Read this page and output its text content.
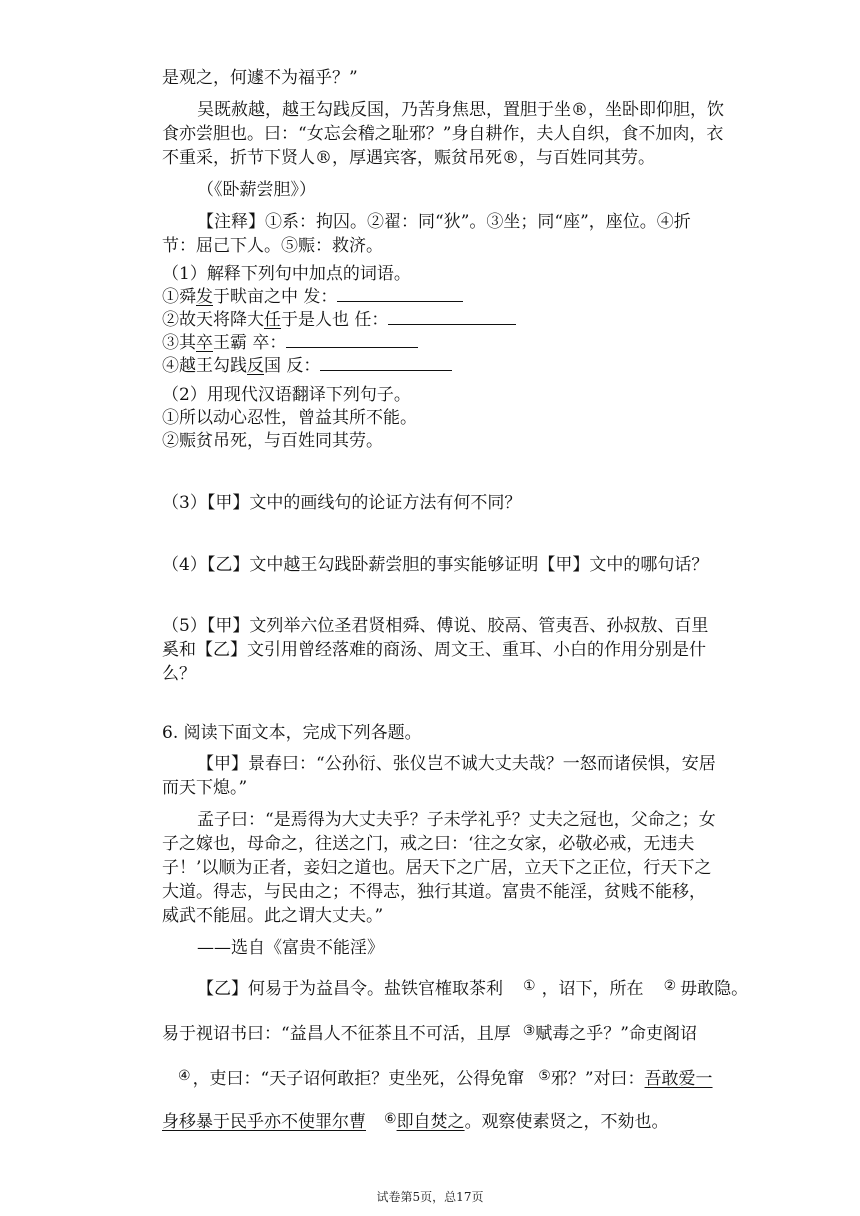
是观之，何遽不为福乎？”
吴既赦越，越王勾践反国，乃苦身焦思，置胆于坐®，坐卧即仰胆，饮
食亦尝胆也。曰：“女忘会稽之耻邪？”身自耕作，夫人自织，食不加肉，衣
不重采，折节下贤人®，厚遇宾客，赈贫吊死®，与百姓同其劳。
（《卧薪尝胆》）
【注释】①系：拘囚。②翟：同“狄”。③坐；同“座”，座位。④折
节：屈己下人。⑤赈：救济。
（1）解释下列句中加点的词语。
①舜发于畎亩之中 发：
②故天将降大任于是人也 任：
③其卒王霸 卒：
④越王勾践反国 反：
（2）用现代汉语翻译下列句子。
①所以动心忍性，曾益其所不能。
②赈贫吊死，与百姓同其劳。
（3）【甲】文中的画线句的论证方法有何不同？
（4）【乙】文中越王勾践卧薪尝胆的事实能够证明【甲】文中的哪句话？
（5）【甲】文列举六位圣君贤相舜、傅说、胶鬲、管夷吾、孙叔敖、百里
奚和【乙】文引用曾经落难的商汤、周文王、重耳、小白的作用分别是什
么？
6. 阅读下面文本，完成下列各题。
【甲】景春曰：“公孙衍、张仪岂不诚大丈夫哉？一怒而诸侯惧，安居
而天下熄。”
孟子曰：“是焉得为大丈夫乎？子未学礼乎？丈夫之冠也，父命之；女
子之嫁也，母命之，往送之门，戒之曰：‘往之女家，必敬必戒，无违夫
子！’以顺为正者，妾妇之道也。居天下之广居，立天下之正位，行天下之
大道。得志，与民由之；不得志，独行其道。富贵不能淫，贫贱不能移，
威武不能屈。此之谓大丈夫。”
——选自《富贵不能淫》
【乙】何易于为益昌令。盐铁官榷取茶利 ① ，诏下，所在 ② 毋敢隐。
易于视诏书曰：“益昌人不征茶且不可活，且厚 ③赋毒之乎？”命吏阁诏
④ ，吏曰：“天子诏何敢拒？吏坐死，公得免窜 ⑤邪？”对曰：吾敢爱一
身移暴于民乎亦不使罪尔曹 ⑥即自焚之。观察使素贤之，不劾也。
试卷第5页，总17页
